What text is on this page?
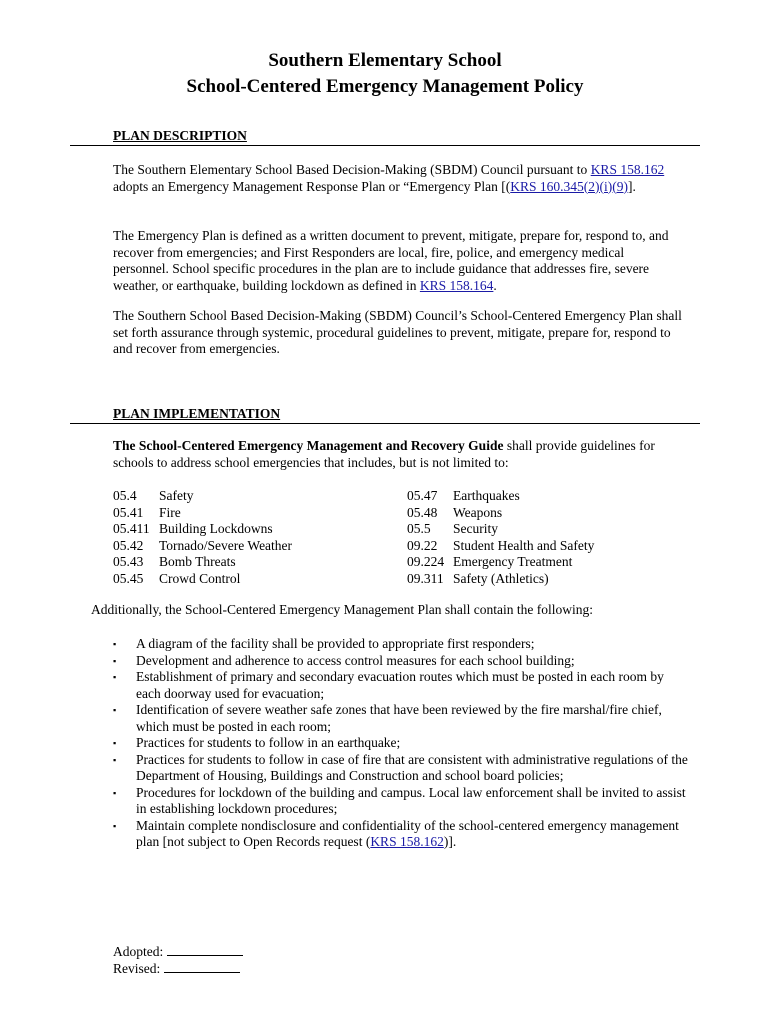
Southern Elementary School
School-Centered Emergency Management Policy
PLAN DESCRIPTION
The Southern Elementary School Based Decision-Making (SBDM) Council pursuant to KRS 158.162 adopts an Emergency Management Response Plan or “Emergency Plan [(KRS 160.345(2)(i)(9)].
The Emergency Plan is defined as a written document to prevent, mitigate, prepare for, respond to, and recover from emergencies; and First Responders are local, fire, police, and emergency medical personnel. School specific procedures in the plan are to include guidance that addresses fire, severe weather, or earthquake, building lockdown as defined in KRS 158.164.
The Southern School Based Decision-Making (SBDM) Council’s School-Centered Emergency Plan shall set forth assurance through systemic, procedural guidelines to prevent, mitigate, prepare for, respond to and recover from emergencies.
PLAN IMPLEMENTATION
The School-Centered Emergency Management and Recovery Guide shall provide guidelines for schools to address school emergencies that includes, but is not limited to:
05.4 Safety
05.41 Fire
05.411 Building Lockdowns
05.42 Tornado/Severe Weather
05.43 Bomb Threats
05.45 Crowd Control
05.47 Earthquakes
05.48 Weapons
05.5 Security
09.22 Student Health and Safety
09.224 Emergency Treatment
09.311 Safety (Athletics)
Additionally, the School-Centered Emergency Management Plan shall contain the following:
▪ A diagram of the facility shall be provided to appropriate first responders;
▪ Development and adherence to access control measures for each school building;
▪ Establishment of primary and secondary evacuation routes which must be posted in each room by each doorway used for evacuation;
▪ Identification of severe weather safe zones that have been reviewed by the fire marshal/fire chief, which must be posted in each room;
▪ Practices for students to follow in an earthquake;
▪ Practices for students to follow in case of fire that are consistent with administrative regulations of the Department of Housing, Buildings and Construction and school board policies;
▪ Procedures for lockdown of the building and campus. Local law enforcement shall be invited to assist in establishing lockdown procedures;
▪ Maintain complete nondisclosure and confidentiality of the school-centered emergency management plan [not subject to Open Records request (KRS 158.162)].
Adopted:
Revised:
